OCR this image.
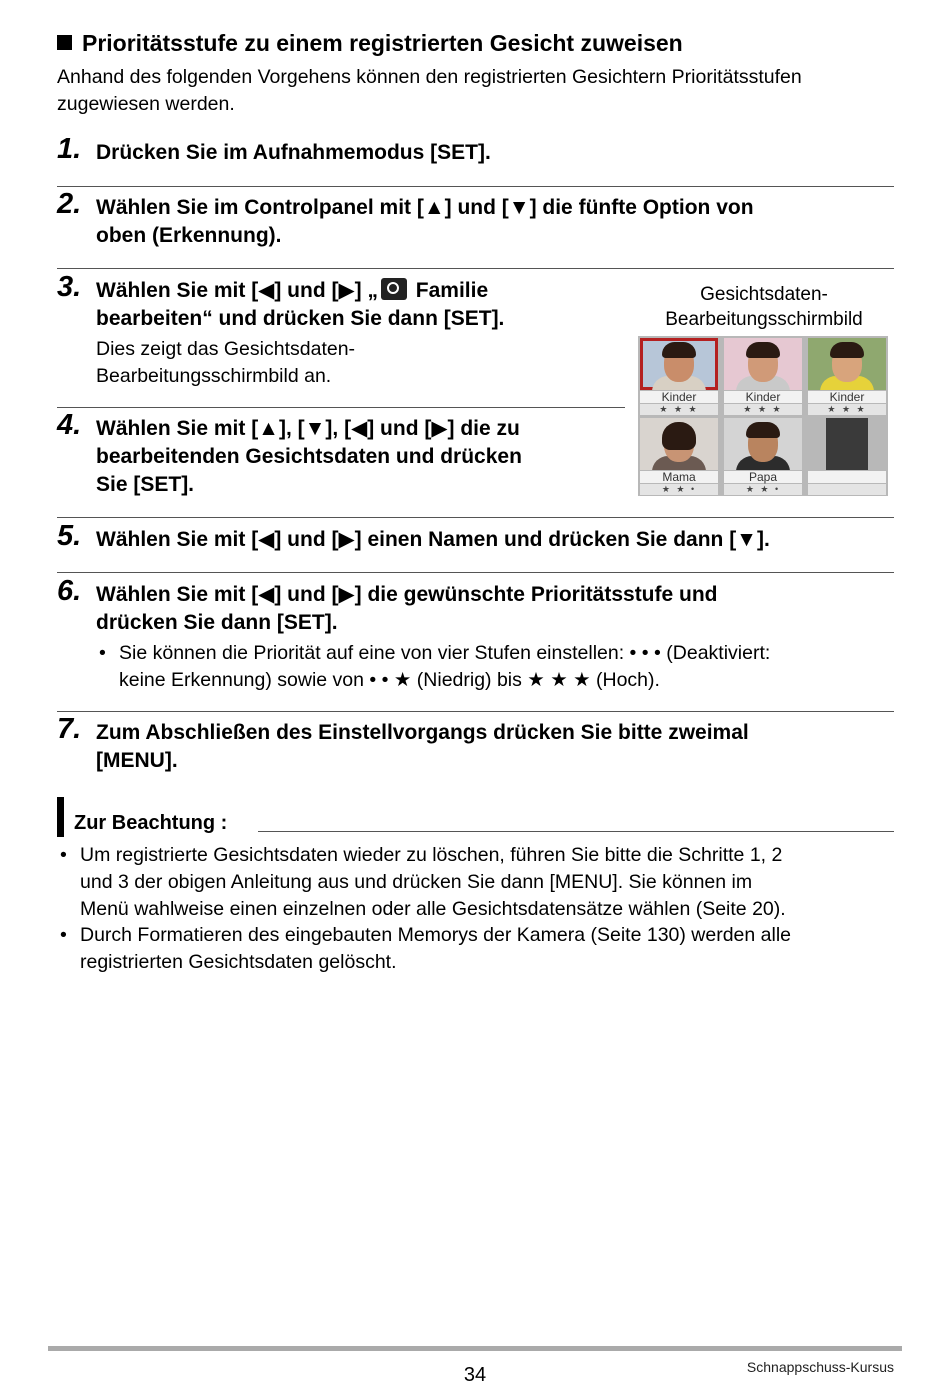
Prioritätsstufe zu einem registrierten Gesicht zuweisen
Anhand des folgenden Vorgehens können den registrierten Gesichtern Prioritätsstufen zugewiesen werden.
1. Drücken Sie im Aufnahmemodus [SET].
2. Wählen Sie im Controlpanel mit [▲] und [▼] die fünfte Option von
oben (Erkennung).
3. Wählen Sie mit [◀] und [▶] „ Familie
bearbeiten“ und drücken Sie dann [SET].
Dies zeigt das Gesichtsdaten-
Bearbeitungsschirmbild an.
Gesichtsdaten-
Bearbeitungsschirmbild
Kinder
★ ★ ★
Kinder
★ ★ ★
Kinder
★ ★ ★
Mama
★ ★ •
Papa
★ ★ •
4. Wählen Sie mit [▲], [▼], [◀] und [▶] die zu
bearbeitenden Gesichtsdaten und drücken
Sie [SET].
5. Wählen Sie mit [◀] und [▶] einen Namen und drücken Sie dann [▼].
6. Wählen Sie mit [◀] und [▶] die gewünschte Prioritätsstufe und
drücken Sie dann [SET].
• Sie können die Priorität auf eine von vier Stufen einstellen: • • • (Deaktiviert:
keine Erkennung) sowie von • • ★ (Niedrig) bis ★ ★ ★ (Hoch).
7. Zum Abschließen des Einstellvorgangs drücken Sie bitte zweimal
[MENU].
Zur Beachtung :
• Um registrierte Gesichtsdaten wieder zu löschen, führen Sie bitte die Schritte 1, 2
und 3 der obigen Anleitung aus und drücken Sie dann [MENU]. Sie können im
Menü wahlweise einen einzelnen oder alle Gesichtsdatensätze wählen (Seite 20).
• Durch Formatieren des eingebauten Memorys der Kamera (Seite 130) werden alle
registrierten Gesichtsdaten gelöscht.
34	Schnappschuss-Kursus
